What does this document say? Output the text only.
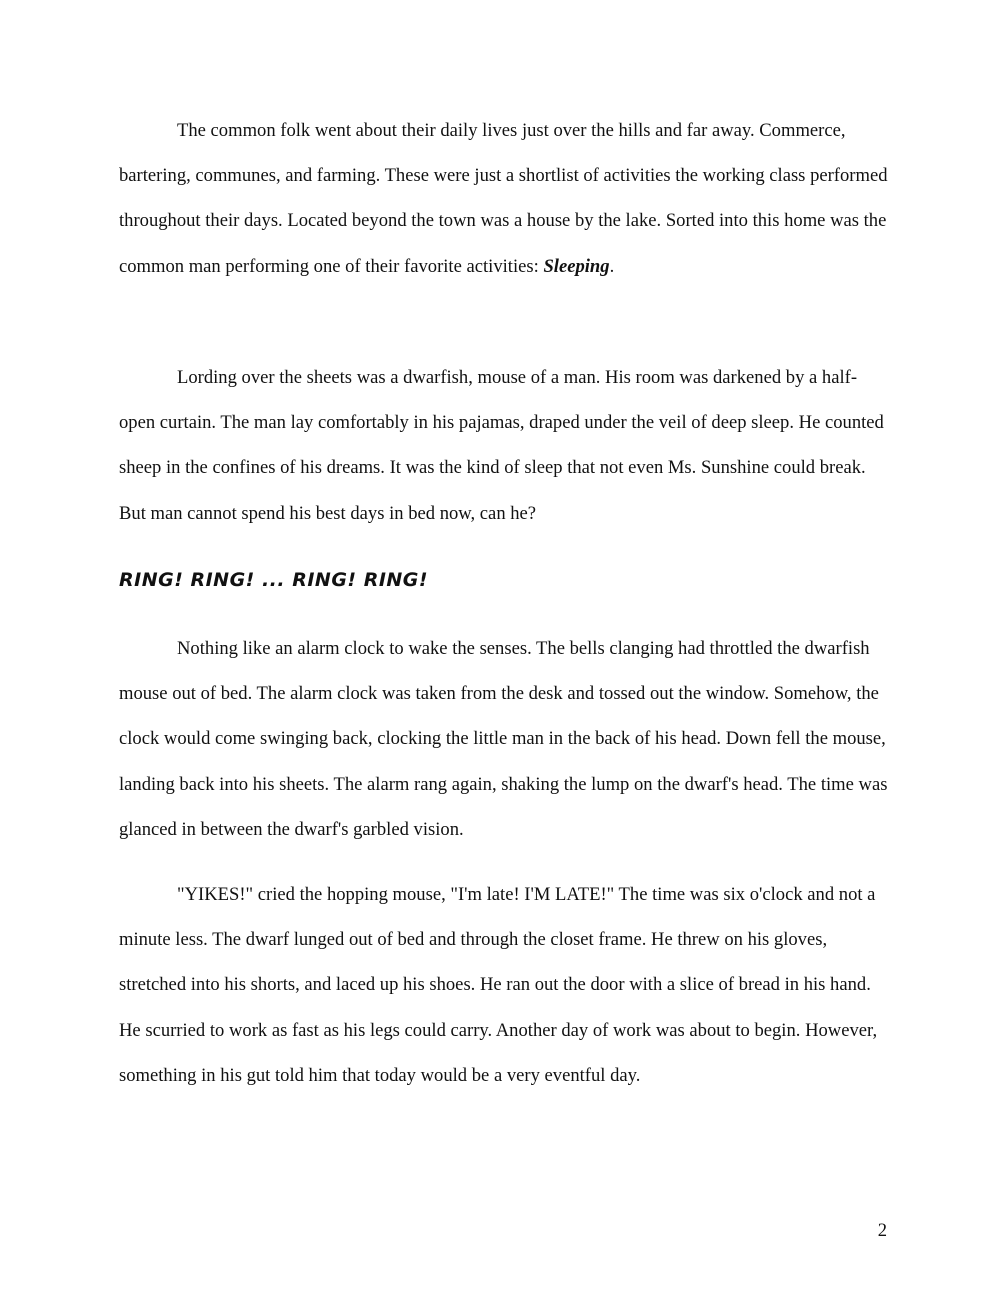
The common folk went about their daily lives just over the hills and far away. Commerce, bartering, communes, and farming. These were just a shortlist of activities the working class performed throughout their days. Located beyond the town was a house by the lake. Sorted into this home was the common man performing one of their favorite activities: Sleeping.

Lording over the sheets was a dwarfish, mouse of a man. His room was darkened by a half-open curtain. The man lay comfortably in his pajamas, draped under the veil of deep sleep. He counted sheep in the confines of his dreams. It was the kind of sleep that not even Ms. Sunshine could break. But man cannot spend his best days in bed now, can he?

RING! RING! ... RING! RING!

Nothing like an alarm clock to wake the senses. The bells clanging had throttled the dwarfish mouse out of bed. The alarm clock was taken from the desk and tossed out the window. Somehow, the clock would come swinging back, clocking the little man in the back of his head. Down fell the mouse, landing back into his sheets. The alarm rang again, shaking the lump on the dwarf's head. The time was glanced in between the dwarf's garbled vision.

"YIKES!" cried the hopping mouse, "I'm late! I'M LATE!" The time was six o'clock and not a minute less. The dwarf lunged out of bed and through the closet frame. He threw on his gloves, stretched into his shorts, and laced up his shoes. He ran out the door with a slice of bread in his hand. He scurried to work as fast as his legs could carry. Another day of work was about to begin. However, something in his gut told him that today would be a very eventful day.

2
